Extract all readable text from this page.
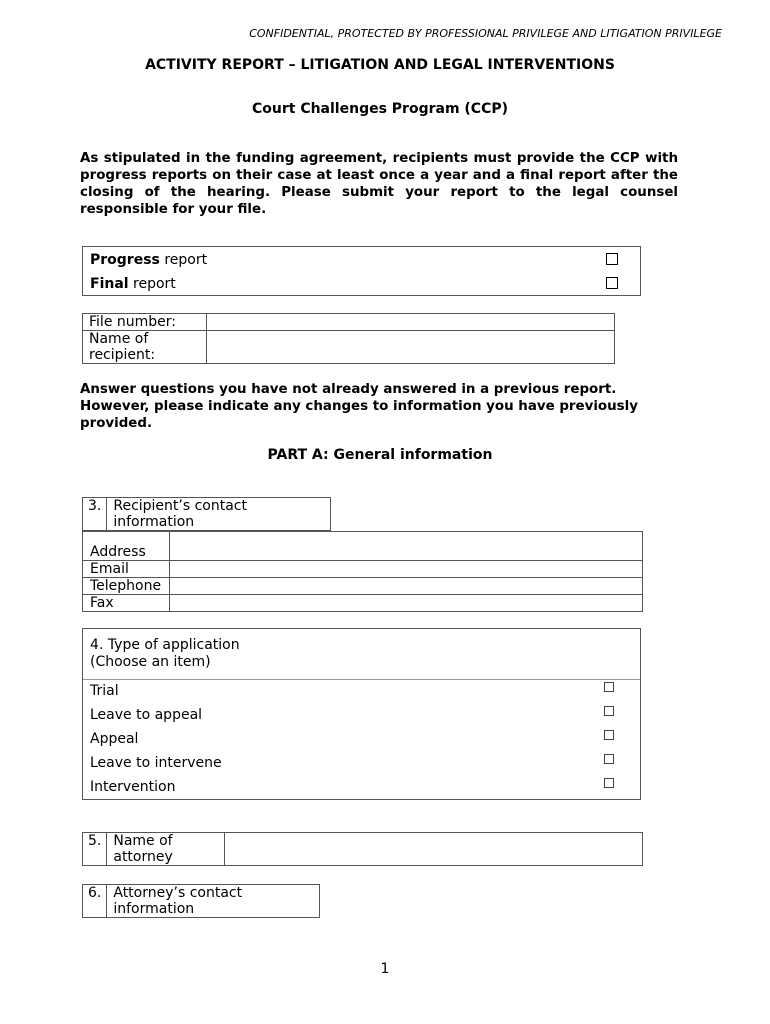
CONFIDENTIAL, PROTECTED BY PROFESSIONAL PRIVILEGE AND LITIGATION PRIVILEGE
ACTIVITY REPORT – LITIGATION AND LEGAL INTERVENTIONS
Court Challenges Program (CCP)
As stipulated in the funding agreement, recipients must provide the CCP with progress reports on their case at least once a year and a final report after the closing of the hearing. Please submit your report to the legal counsel responsible for your file.
Progress report
Final report
File number:	
Name of recipient:	
Answer questions you have not already answered in a previous report. However, please indicate any changes to information you have previously provided.
PART A: General information
3.	Recipient’s contact information
Address	
Email	
Telephone	
Fax	
4. Type of application
(Choose an item)
Trial
Leave to appeal
Appeal
Leave to intervene
Intervention
5.	Name of attorney	
6.	Attorney’s contact information
1
